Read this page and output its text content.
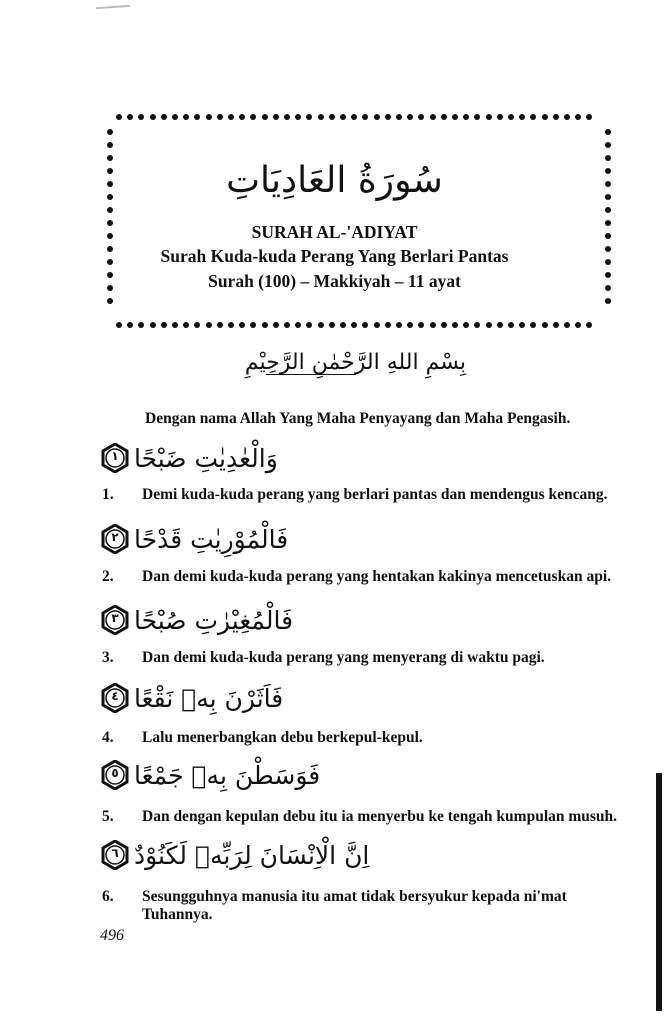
سُورَةُ العَادِيَاتِ
SURAH AL-'ADIYAT
Surah Kuda-kuda Perang Yang Berlari Pantas
Surah (100) – Makkiyah – 11 ayat
بِسْمِ اللهِ الرَّحْمٰنِ الرَّحِيْمِ
Dengan nama Allah Yang Maha Penyayang dan Maha Pengasih.
١ وَالْعٰدِيٰتِ ضَبْحًا
1.	Demi kuda-kuda perang yang berlari pantas dan mendengus kencang.
٢ فَالْمُوْرِيٰتِ قَدْحًا
2.	Dan demi kuda-kuda perang yang hentakan kakinya mencetuskan api.
٣ فَالْمُغِيْرٰتِ صُبْحًا
3.	Dan demi kuda-kuda perang yang menyerang di waktu pagi.
٤ فَاَثَرْنَ بِهٖ نَقْعًا
4.	Lalu menerbangkan debu berkepul-kepul.
٥ فَوَسَطْنَ بِهٖ جَمْعًا
5.	Dan dengan kepulan debu itu ia menyerbu ke tengah kumpulan musuh.
٦ اِنَّ الْاِنْسَانَ لِرَبِّهٖ لَكَنُوْدٌ
6.	Sesungguhnya manusia itu amat tidak bersyukur kepada ni'mat Tuhannya.
496
